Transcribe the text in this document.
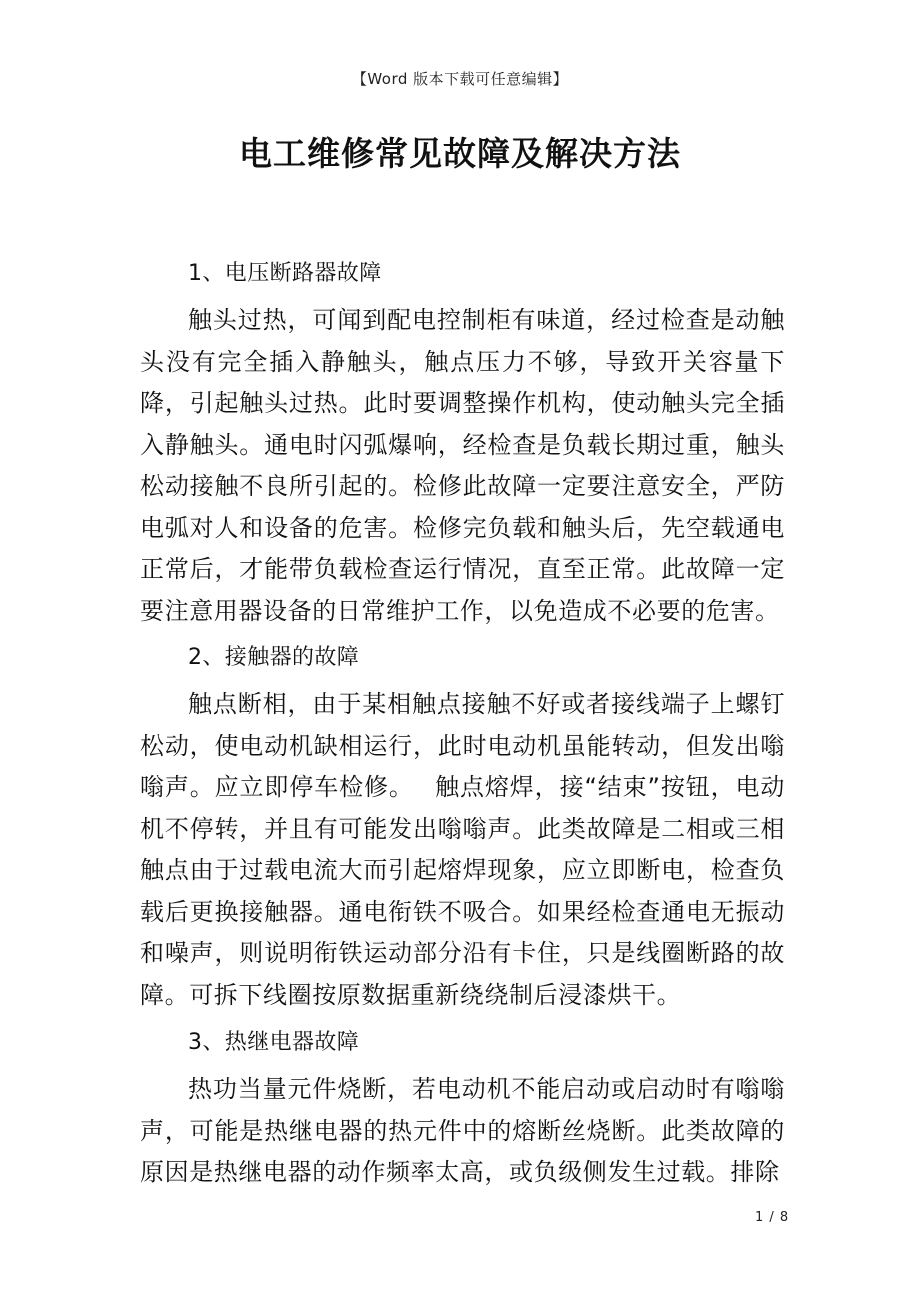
【Word 版本下载可任意编辑】
电工维修常见故障及解决方法
1、电压断路器故障

触头过热，可闻到配电控制柜有味道，经过检查是动触头没有完全插入静触头，触点压力不够，导致开关容量下降，引起触头过热。此时要调整操作机构，使动触头完全插入静触头。通电时闪弧爆响，经检查是负载长期过重，触头松动接触不良所引起的。检修此故障一定要注意安全，严防电弧对人和设备的危害。检修完负载和触头后，先空载通电正常后，才能带负载检查运行情况，直至正常。此故障一定要注意用器设备的日常维护工作，以免造成不必要的危害。

2、接触器的故障

触点断相，由于某相触点接触不好或者接线端子上螺钉松动，使电动机缺相运行，此时电动机虽能转动，但发出嗡嗡声。应立即停车检修。　 触点熔焊，接“结束”按钮，电动机不停转，并且有可能发出嗡嗡声。此类故障是二相或三相触点由于过载电流大而引起熔焊现象，应立即断电，检查负载后更换接触器。通电衔铁不吸合。如果经检查通电无振动和噪声，则说明衔铁运动部分沿有卡住，只是线圈断路的故障。可拆下线圈按原数据重新绕绕制后浸漆烘干。

3、热继电器故障

热功当量元件烧断，若电动机不能启动或启动时有嗡嗡声，可能是热继电器的热元件中的熔断丝烧断。此类故障的原因是热继电器的动作频率太高，或负级侧发生过载。排除

1 / 8
